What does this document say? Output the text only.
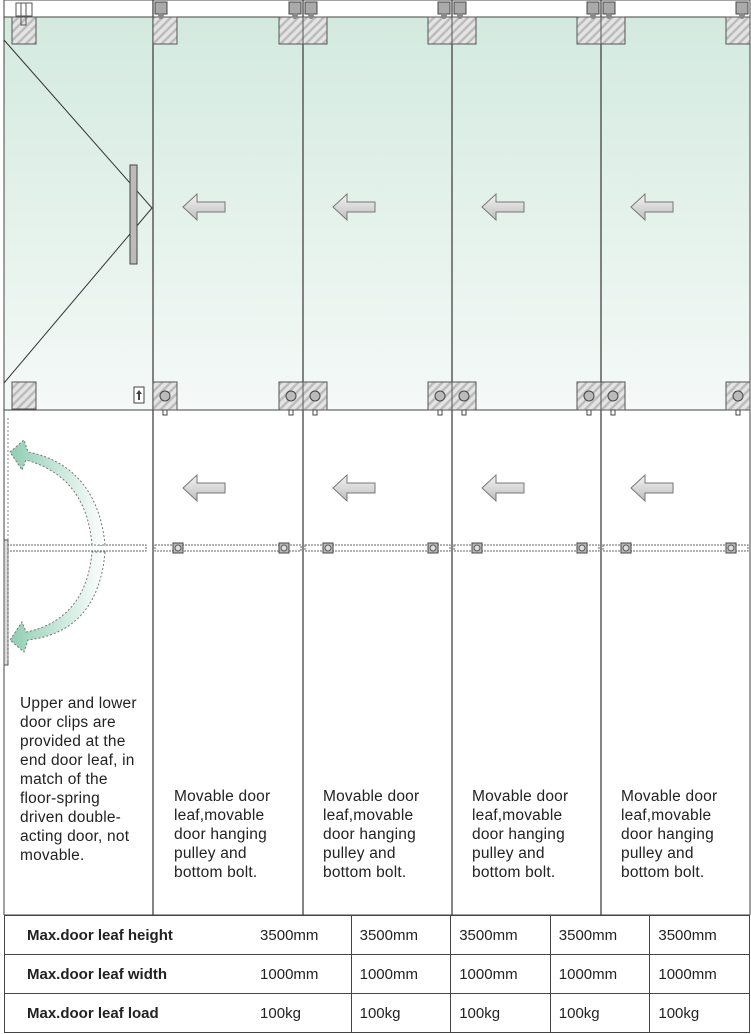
Upper and lower door clips are provided at the end door leaf, in match of the floor-spring driven double-acting door, not movable.
Movable door leaf,movable door hanging pulley and bottom bolt.
Movable door leaf,movable door hanging pulley and bottom bolt.
Movable door leaf,movable door hanging pulley and bottom bolt.
Movable door leaf,movable door hanging pulley and bottom bolt.
Max.door leaf height	3500mm	3500mm	3500mm	3500mm	3500mm
Max.door leaf width	1000mm	1000mm	1000mm	1000mm	1000mm
Max.door leaf load	100kg	100kg	100kg	100kg	100kg
